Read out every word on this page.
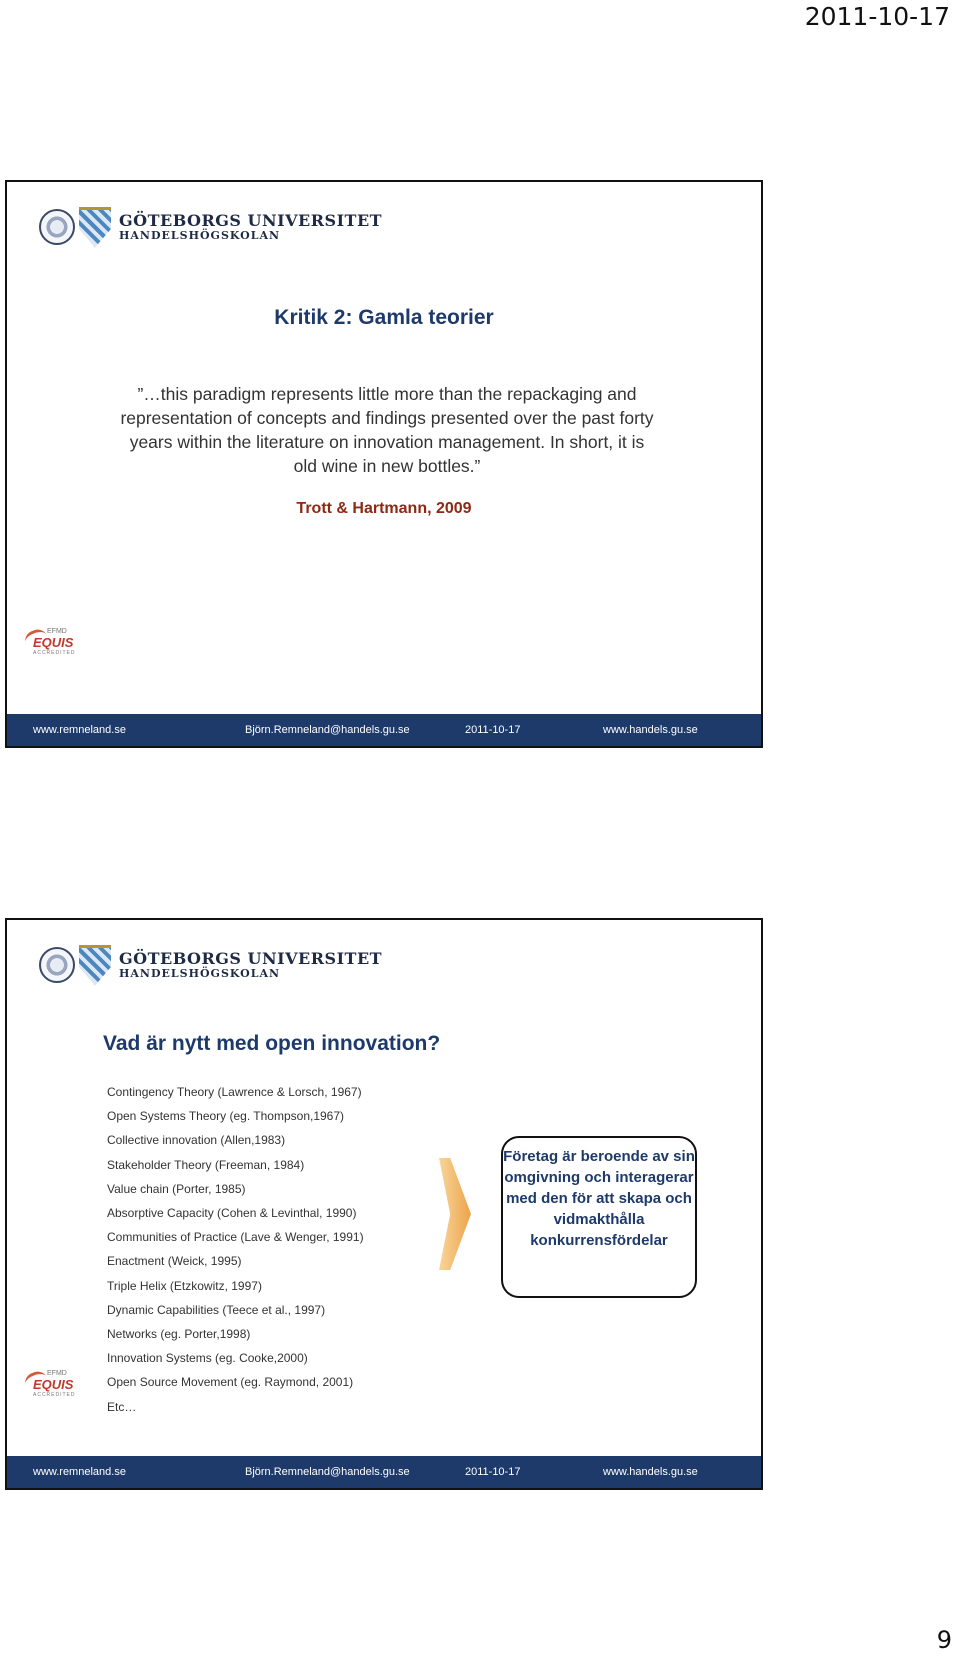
2011-10-17
GÖTEBORGS UNIVERSITET
HANDELSHÖGSKOLAN
Kritik 2: Gamla teorier
”…this paradigm represents little more than the repackaging and representation of concepts and findings presented over the past forty years within the literature on innovation management. In short, it is old wine in new bottles.”
Trott & Hartmann, 2009
EFMD
EQUIS
ACCREDITED
www.remneland.se	Björn.Remneland@handels.gu.se	2011-10-17	www.handels.gu.se
GÖTEBORGS UNIVERSITET
HANDELSHÖGSKOLAN
Vad är nytt med open innovation?
Contingency Theory (Lawrence & Lorsch, 1967)
Open Systems Theory (eg. Thompson,1967)
Collective innovation (Allen,1983)
Stakeholder Theory (Freeman, 1984)
Value chain (Porter, 1985)
Absorptive Capacity (Cohen & Levinthal, 1990)
Communities of Practice (Lave & Wenger, 1991)
Enactment (Weick, 1995)
Triple Helix (Etzkowitz, 1997)
Dynamic Capabilities (Teece et al., 1997)
Networks (eg. Porter,1998)
Innovation Systems (eg. Cooke,2000)
Open Source Movement (eg. Raymond, 2001)
Etc…
Företag är beroende av sin omgivning och interagerar med den för att skapa och vidmakthålla konkurrensfördelar
EFMD
EQUIS
ACCREDITED
www.remneland.se	Björn.Remneland@handels.gu.se	2011-10-17	www.handels.gu.se
9
